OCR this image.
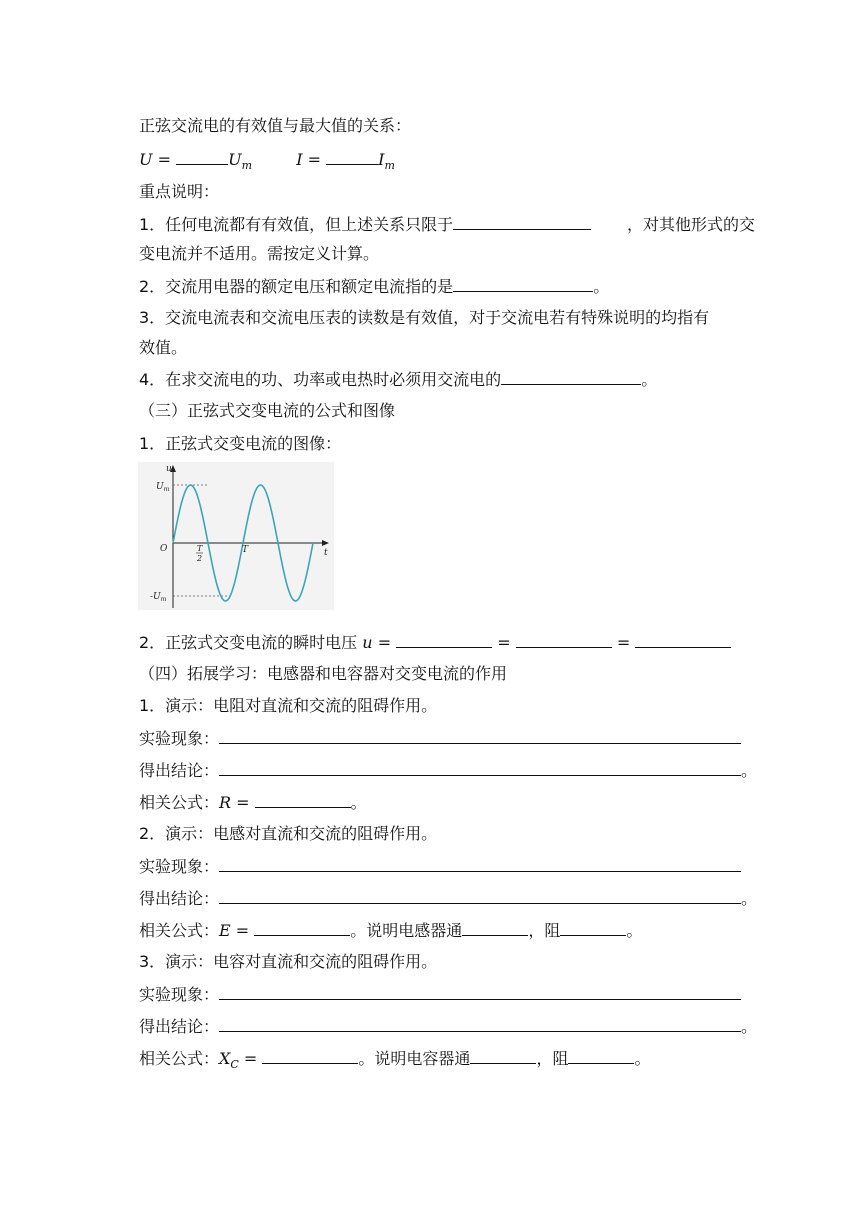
正弦交流电的有效值与最大值的关系：
U =	$U_m$	I =	$I_m$
重点说明：
1．任何电流都有有效值，但上述关系只限于	，对其他形式的交
变电流并不适用。需按定义计算。
2．交流用电器的额定电压和额定电流指的是	。
3．交流电流表和交流电压表的读数是有效值，对于交流电若有特殊说明的均指有
效值。
4．在求交流电的功、功率或电热时必须用交流电的	。
（三）正弦式交变电流的公式和图像
1．正弦式交变电流的图像：
u
t
O
$U_m$
$-U_m$
T
2
T
2．正弦式交变电流的瞬时电压 u =	=	=
（四）拓展学习：电感器和电容器对交变电流的作用
1．演示：电阻对直流和交流的阻碍作用。
实验现象：
得出结论：	。
相关公式：R =	。
2．演示：电感对直流和交流的阻碍作用。
实验现象：
得出结论：	。
相关公式：E =	。说明电感器通	，阻	。
3．演示：电容对直流和交流的阻碍作用。
实验现象：
得出结论：	。
相关公式：$X_C$ =	。说明电容器通	，阻	。
